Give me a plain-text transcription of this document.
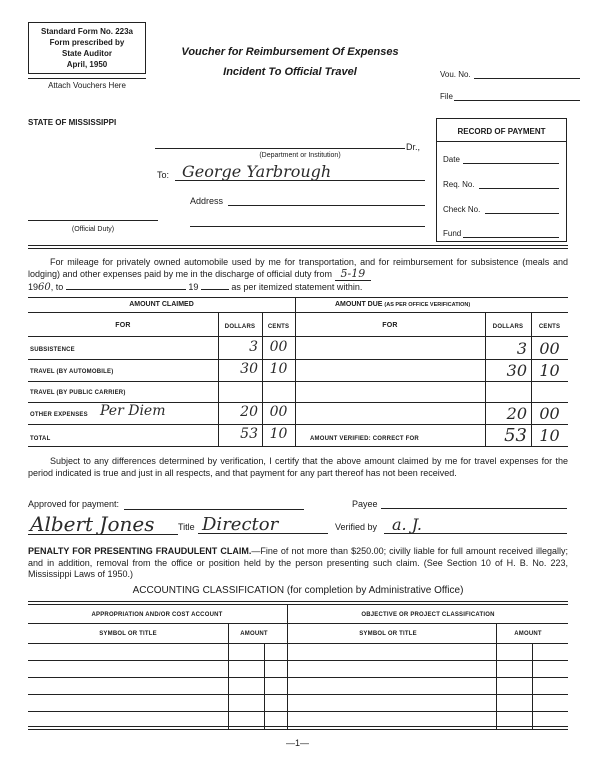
Standard Form No. 223a
Form prescribed by
State Auditor
April, 1950
Attach Vouchers Here
Voucher for Reimbursement Of Expenses
Incident To Official Travel	Vou. No.
File
STATE OF MISSISSIPPI
Dr.,
(Department or Institution)
To: George Yarbrough
Address
(Official Duty)
RECORD OF PAYMENT
Date
Req. No.
Check No.
Fund
For mileage for privately owned automobile used by me for transportation, and for reimbursement for subsistence (meals and lodging) and other expenses paid by me in the discharge of official duty from 5-19
1960, to	19	as per itemized statement within.
AMOUNT CLAIMED	AMOUNT DUE (AS PER OFFICE VERIFICATION)
FOR	DOLLARS	CENTS	FOR	DOLLARS	CENTS
SUBSISTENCE	3 00	3 00
TRAVEL (BY AUTOMOBILE)	30 10	30 10
TRAVEL (BY PUBLIC CARRIER)
OTHER EXPENSES Per Diem	20 00	20 00
TOTAL	53 10	AMOUNT VERIFIED: CORRECT FOR	53 10
Subject to any differences determined by verification, I certify that the above amount claimed by me for travel expenses for the period indicated is true and just in all respects, and that payment for any part thereof has not been received.
Approved for payment:	Payee
Albert Jones	Title Director	Verified by a. J.
PENALTY FOR PRESENTING FRAUDULENT CLAIM.—Fine of not more than $250.00; civilly liable for full amount received illegally; and in addition, removal from the office or position held by the person presenting such claim. (See Section 10 of H. B. No. 223, Mississippi Laws of 1950.)
ACCOUNTING CLASSIFICATION (for completion by Administrative Office)
APPROPRIATION AND/OR COST ACCOUNT	OBJECTIVE OR PROJECT CLASSIFICATION
SYMBOL OR TITLE	AMOUNT	SYMBOL OR TITLE	AMOUNT
—1—
